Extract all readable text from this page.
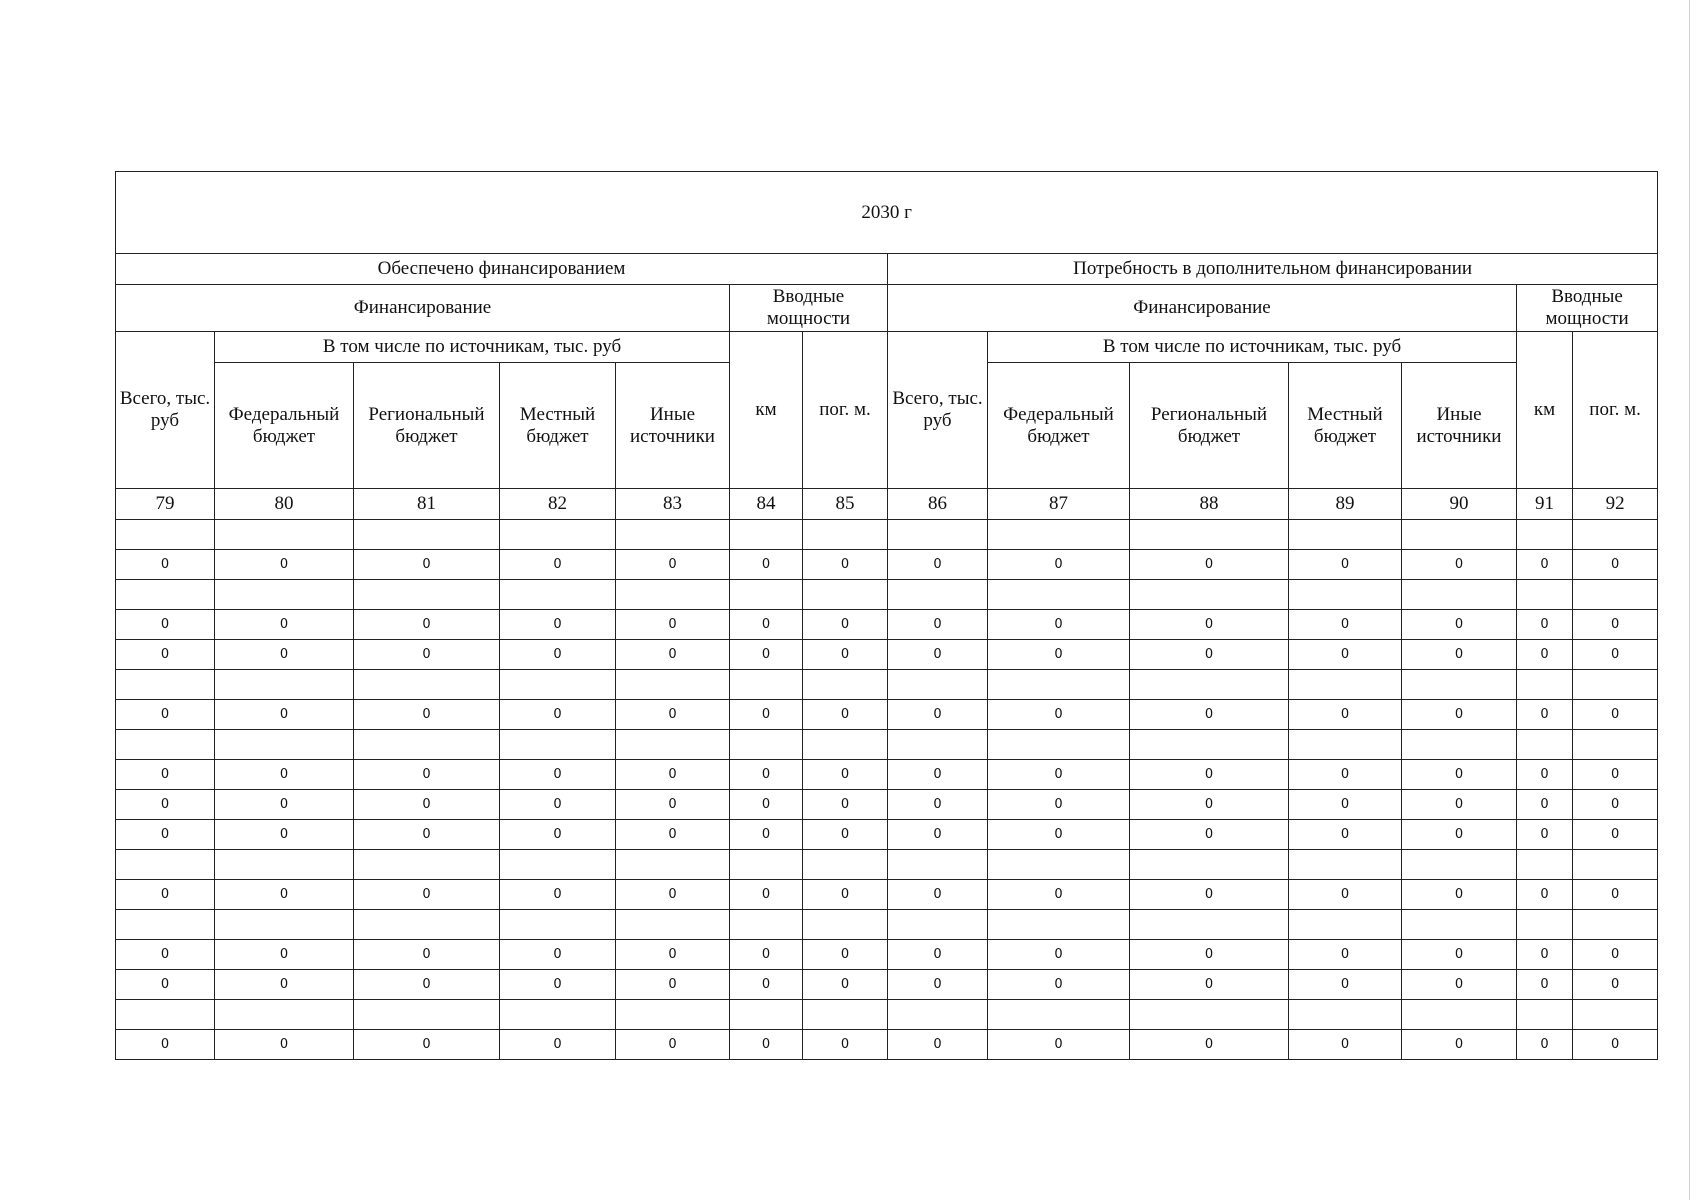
2030 г													
Обеспечено финансированием							Потребность в дополнительном финансировании						
Финансирование					Вводные мощности		Финансирование					Вводные мощности	
Всего, тыс. руб	В том числе по источникам, тыс. руб				км	пог. м.	Всего, тыс. руб	В том числе по источникам, тыс. руб				км	пог. м.
	Федеральный бюджет	Региональный бюджет	Местный бюджет	Иные источники				Федеральный бюджет	Региональный бюджет	Местный бюджет	Иные источники		
79	80	81	82	83	84	85	86	87	88	89	90	91	92

0	0	0	0	0	0	0	0	0	0	0	0	0	0

0	0	0	0	0	0	0	0	0	0	0	0	0	0
0	0	0	0	0	0	0	0	0	0	0	0	0	0

0	0	0	0	0	0	0	0	0	0	0	0	0	0

0	0	0	0	0	0	0	0	0	0	0	0	0	0
0	0	0	0	0	0	0	0	0	0	0	0	0	0
0	0	0	0	0	0	0	0	0	0	0	0	0	0

0	0	0	0	0	0	0	0	0	0	0	0	0	0

0	0	0	0	0	0	0	0	0	0	0	0	0	0
0	0	0	0	0	0	0	0	0	0	0	0	0	0

0	0	0	0	0	0	0	0	0	0	0	0	0	0
